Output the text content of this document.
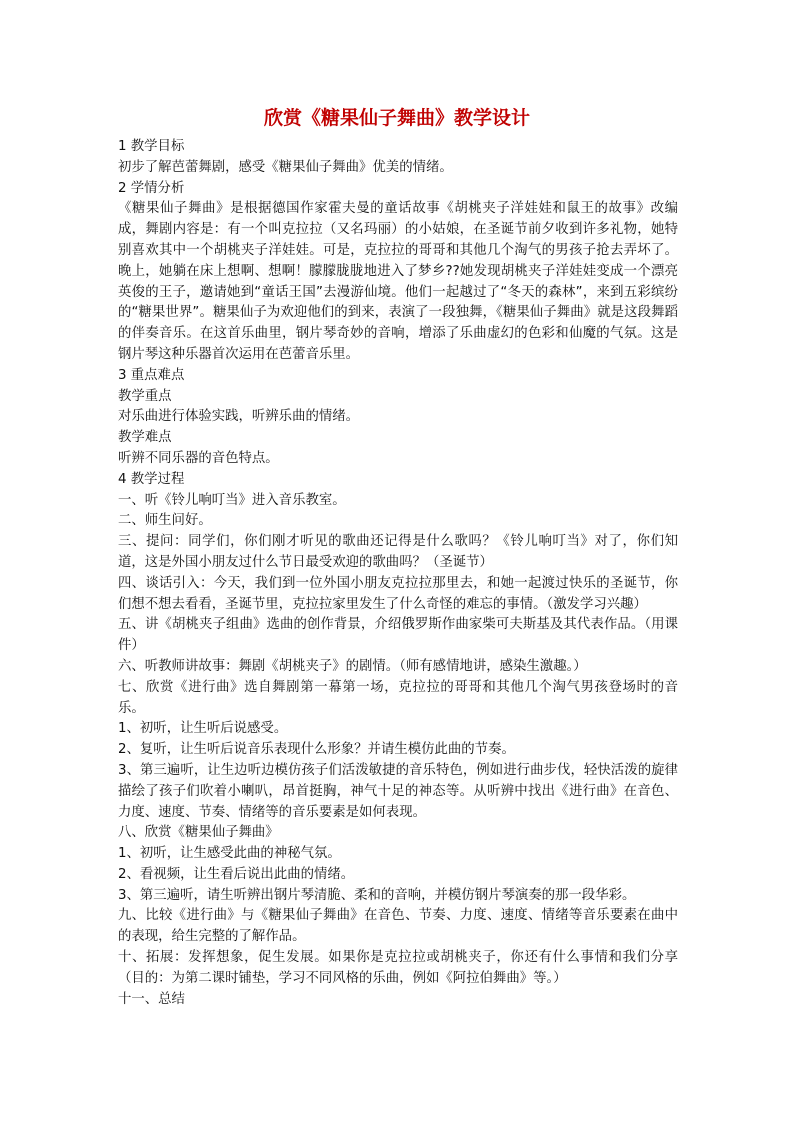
欣赏《糖果仙子舞曲》教学设计

1 教学目标

初步了解芭蕾舞剧，感受《糖果仙子舞曲》优美的情绪。

2 学情分析

《糖果仙子舞曲》是根据德国作家霍夫曼的童话故事《胡桃夹子洋娃娃和鼠王的故事》改编成，舞剧内容是：有一个叫克拉拉（又名玛丽）的小姑娘，在圣诞节前夕收到许多礼物，她特别喜欢其中一个胡桃夹子洋娃娃。可是，克拉拉的哥哥和其他几个淘气的男孩子抢去弄坏了。晚上，她躺在床上想啊、想啊！朦朦胧胧地进入了梦乡??她发现胡桃夹子洋娃娃变成一个漂亮英俊的王子，邀请她到“童话王国”去漫游仙境。他们一起越过了“冬天的森林”，来到五彩缤纷的“糖果世界”。糖果仙子为欢迎他们的到来，表演了一段独舞，《糖果仙子舞曲》就是这段舞蹈的伴奏音乐。在这首乐曲里，钢片琴奇妙的音响，增添了乐曲虚幻的色彩和仙魔的气氛。这是钢片琴这种乐器首次运用在芭蕾音乐里。

3 重点难点

教学重点

对乐曲进行体验实践，听辨乐曲的情绪。

教学难点

听辨不同乐器的音色特点。

4 教学过程

一、听《铃儿响叮当》进入音乐教室。

二、师生问好。

三、提问：同学们，你们刚才听见的歌曲还记得是什么歌吗？《铃儿响叮当》对了，你们知道，这是外国小朋友过什么节日最受欢迎的歌曲吗？（圣诞节）

四、谈话引入：今天，我们到一位外国小朋友克拉拉那里去，和她一起渡过快乐的圣诞节，你们想不想去看看，圣诞节里，克拉拉家里发生了什么奇怪的难忘的事情。（激发学习兴趣）

五、讲《胡桃夹子组曲》选曲的创作背景，介绍俄罗斯作曲家柴可夫斯基及其代表作品。（用课件）

六、听教师讲故事：舞剧《胡桃夹子》的剧情。（师有感情地讲，感染生激趣。）

七、欣赏《进行曲》选自舞剧第一幕第一场，克拉拉的哥哥和其他几个淘气男孩登场时的音乐。

1、初听，让生听后说感受。

2、复听，让生听后说音乐表现什么形象？并请生模仿此曲的节奏。

3、第三遍听，让生边听边模仿孩子们活泼敏捷的音乐特色，例如进行曲步伐，轻快活泼的旋律描绘了孩子们吹着小喇叭，昂首挺胸，神气十足的神态等。从听辨中找出《进行曲》在音色、力度、速度、节奏、情绪等的音乐要素是如何表现。

八、欣赏《糖果仙子舞曲》

1、初听，让生感受此曲的神秘气氛。

2、看视频，让生看后说出此曲的情绪。

3、第三遍听，请生听辨出钢片琴清脆、柔和的音响，并模仿钢片琴演奏的那一段华彩。

九、比较《进行曲》与《糖果仙子舞曲》在音色、节奏、力度、速度、情绪等音乐要素在曲中的表现，给生完整的了解作品。

十、拓展：发挥想象，促生发展。如果你是克拉拉或胡桃夹子，你还有什么事情和我们分享（目的：为第二课时铺垫，学习不同风格的乐曲，例如《阿拉伯舞曲》等。）

十一、总结
